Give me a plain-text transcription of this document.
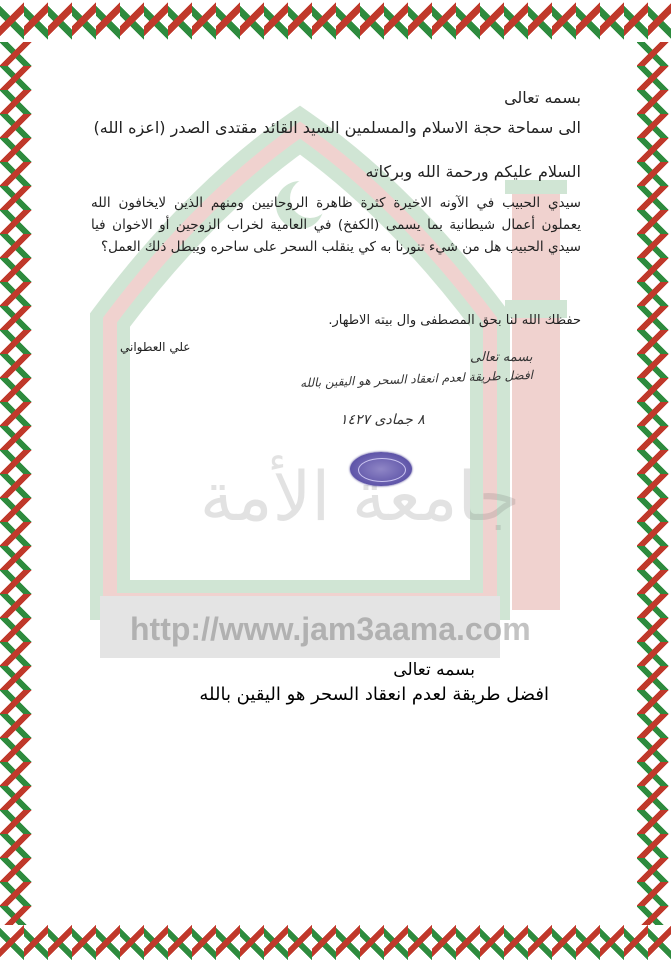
http://www.jam3aama.com
بسمه تعالى
الى سماحة حجة الاسلام والمسلمين السيد القائد مقتدى الصدر (اعزه الله)
السلام عليكم ورحمة الله وبركاته
سيدي الحبيب في الآونه الاخيرة كثرة ظاهرة الروحانيين ومنهم الذين لايخافون الله يعملون أعمال شيطانية بما يسمى (الكفخ) في العامية لخراب الزوجين أو الاخوان فيا سيدي الحبيب هل من شيء تنورنا به كي ينقلب السحر على ساحره ويبطل ذلك العمل؟
حفظك الله لنا بحق المصطفى وال بيته الاطهار.
علي العطواني
بسمه تعالى
افضل طريقة لعدم انعقاد السحر هو اليقين بالله
٨ جمادى ١٤٢٧
بسمه تعالى
افضل طريقة لعدم انعقاد السحر هو اليقين بالله
